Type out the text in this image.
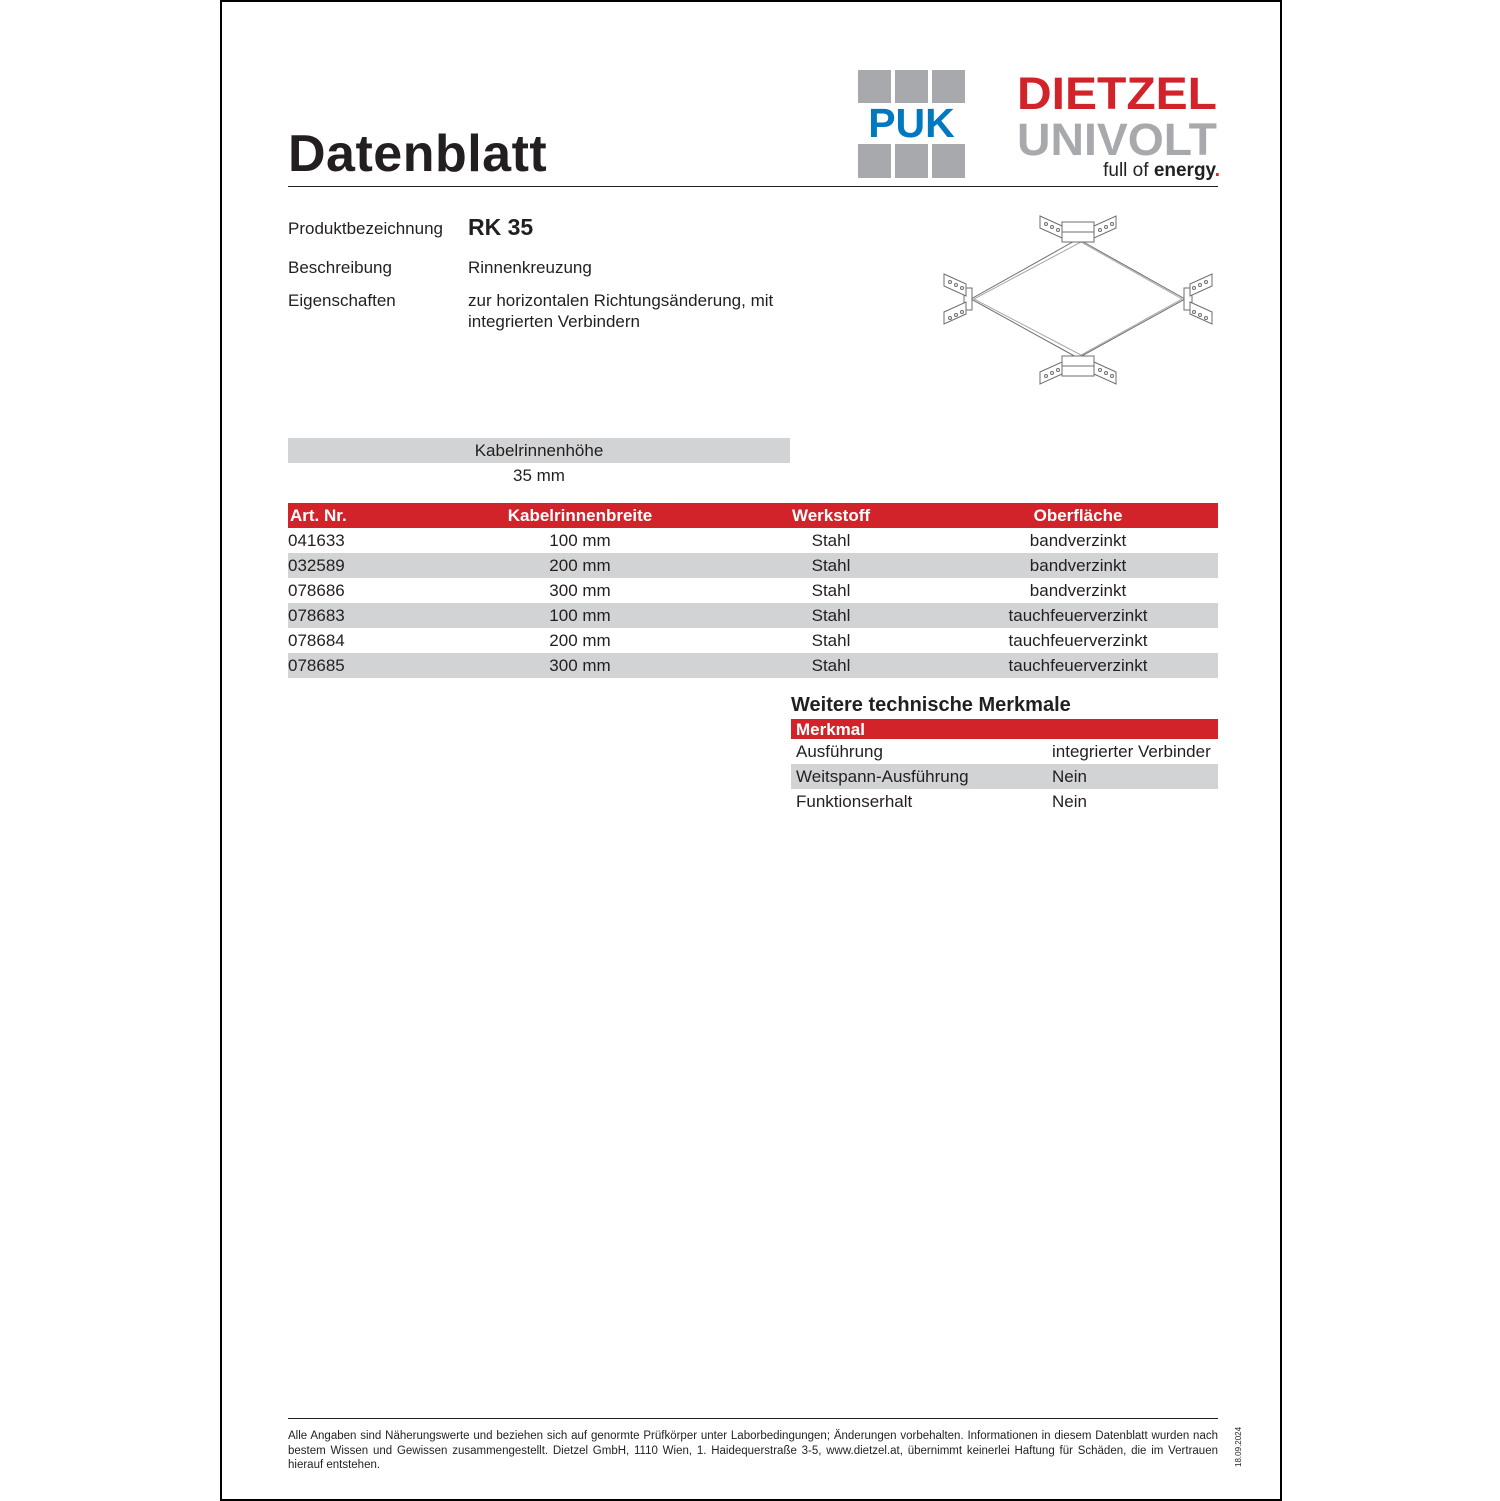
Datenblatt
PUK
DIETZEL
UNIVOLT
full of energy.
Produktbezeichnung RK 35
Beschreibung	Rinnenkreuzung
Eigenschaften	zur horizontalen Richtungsänderung, mit
integrierten Verbindern
Kabelrinnenhöhe
35 mm
Art. Nr.	Kabelrinnenbreite	Werkstoff	Oberfläche
041633	100 mm	Stahl	bandverzinkt
032589	200 mm	Stahl	bandverzinkt
078686	300 mm	Stahl	bandverzinkt
078683	100 mm	Stahl	tauchfeuerverzinkt
078684	200 mm	Stahl	tauchfeuerverzinkt
078685	300 mm	Stahl	tauchfeuerverzinkt
Weitere technische Merkmale
Merkmal
Ausführung	integrierter Verbinder
Weitspann-Ausführung	Nein
Funktionserhalt	Nein
Alle Angaben sind Näherungswerte und beziehen sich auf genormte Prüfkörper unter Laborbedingungen; Änderungen vorbehalten. Informationen in diesem Datenblatt wurden nach bestem Wissen und Gewissen zusammengestellt. Dietzel GmbH, 1110 Wien, 1. Haidequerstraße 3-5, www.dietzel.at, übernimmt keinerlei Haftung für Schäden, die im Vertrauen hierauf entstehen.	18.09.2024
